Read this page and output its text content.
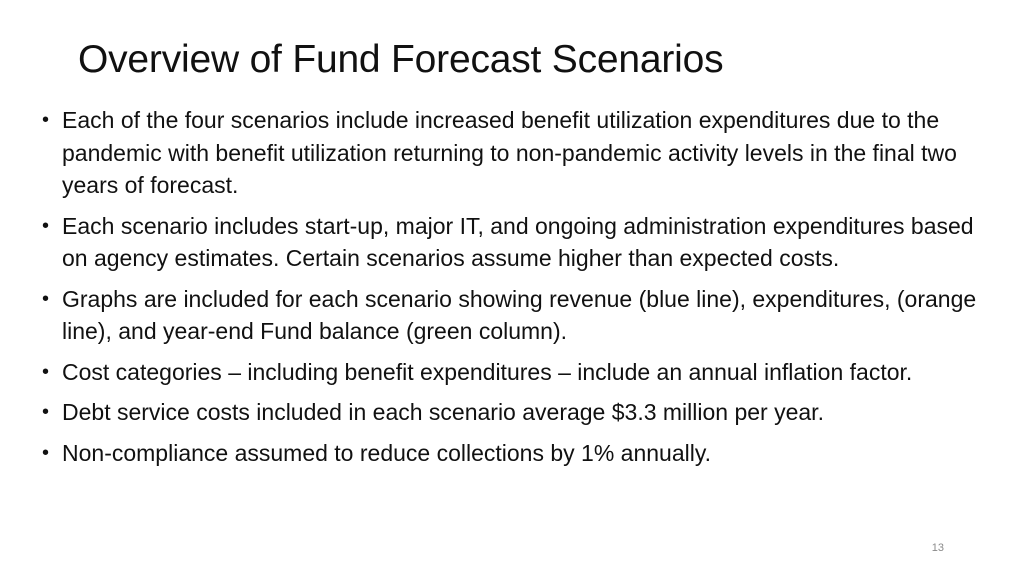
Overview of Fund Forecast Scenarios
• Each of the four scenarios include increased benefit utilization expenditures due to the pandemic with benefit utilization returning to non-pandemic activity levels in the final two years of forecast.
• Each scenario includes start-up, major IT, and ongoing administration expenditures based on agency estimates. Certain scenarios assume higher than expected costs.
• Graphs are included for each scenario showing revenue (blue line), expenditures, (orange line), and year-end Fund balance (green column).
• Cost categories – including benefit expenditures – include an annual inflation factor.
• Debt service costs included in each scenario average $3.3 million per year.
• Non-compliance assumed to reduce collections by 1% annually.
13
